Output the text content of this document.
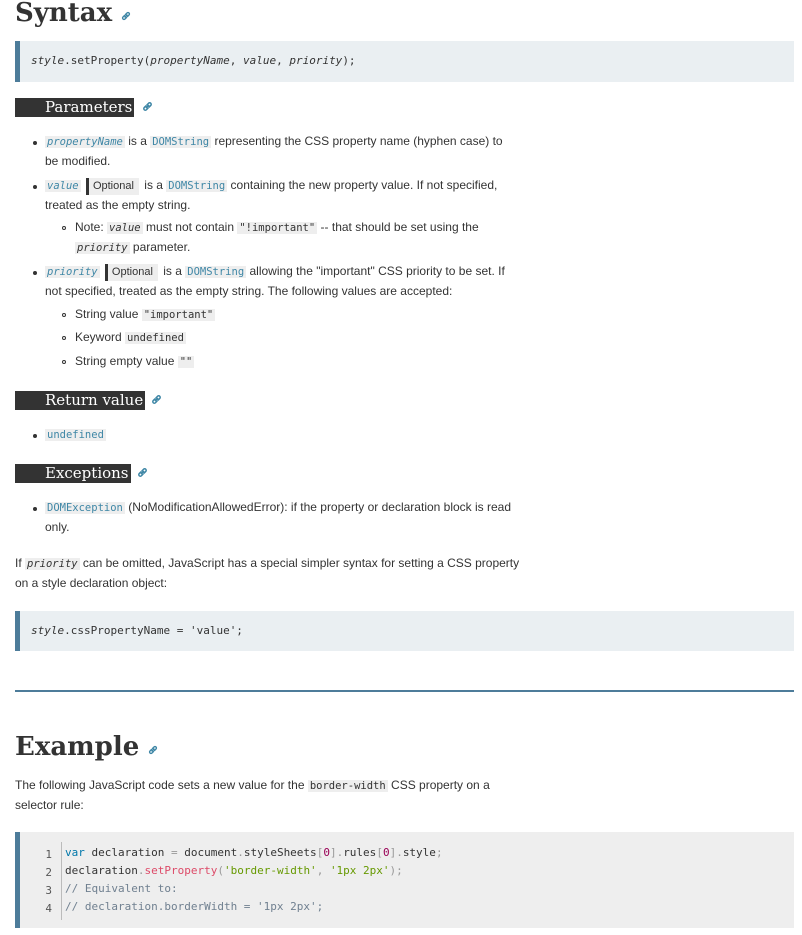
Syntax
style.setProperty(propertyName, value, priority);
Parameters
propertyName is a DOMString representing the CSS property name (hyphen case) to
be modified.
value Optional is a DOMString containing the new property value. If not specified,
treated as the empty string.
Note: value must not contain "!important" -- that should be set using the
priority parameter.
priority Optional is a DOMString allowing the "important" CSS priority to be set. If
not specified, treated as the empty string. The following values are accepted:
String value "important"
Keyword undefined
String empty value ""
Return value
undefined
Exceptions
DOMException (NoModificationAllowedError): if the property or declaration block is read
only.
If priority can be omitted, JavaScript has a special simpler syntax for setting a CSS property
on a style declaration object:
style.cssPropertyName = 'value';
Example
The following JavaScript code sets a new value for the border-width CSS property on a
selector rule:
1
2
3
4
var declaration = document.styleSheets[0].rules[0].style;
declaration.setProperty('border-width', '1px 2px');
// Equivalent to:
// declaration.borderWidth = '1px 2px';
